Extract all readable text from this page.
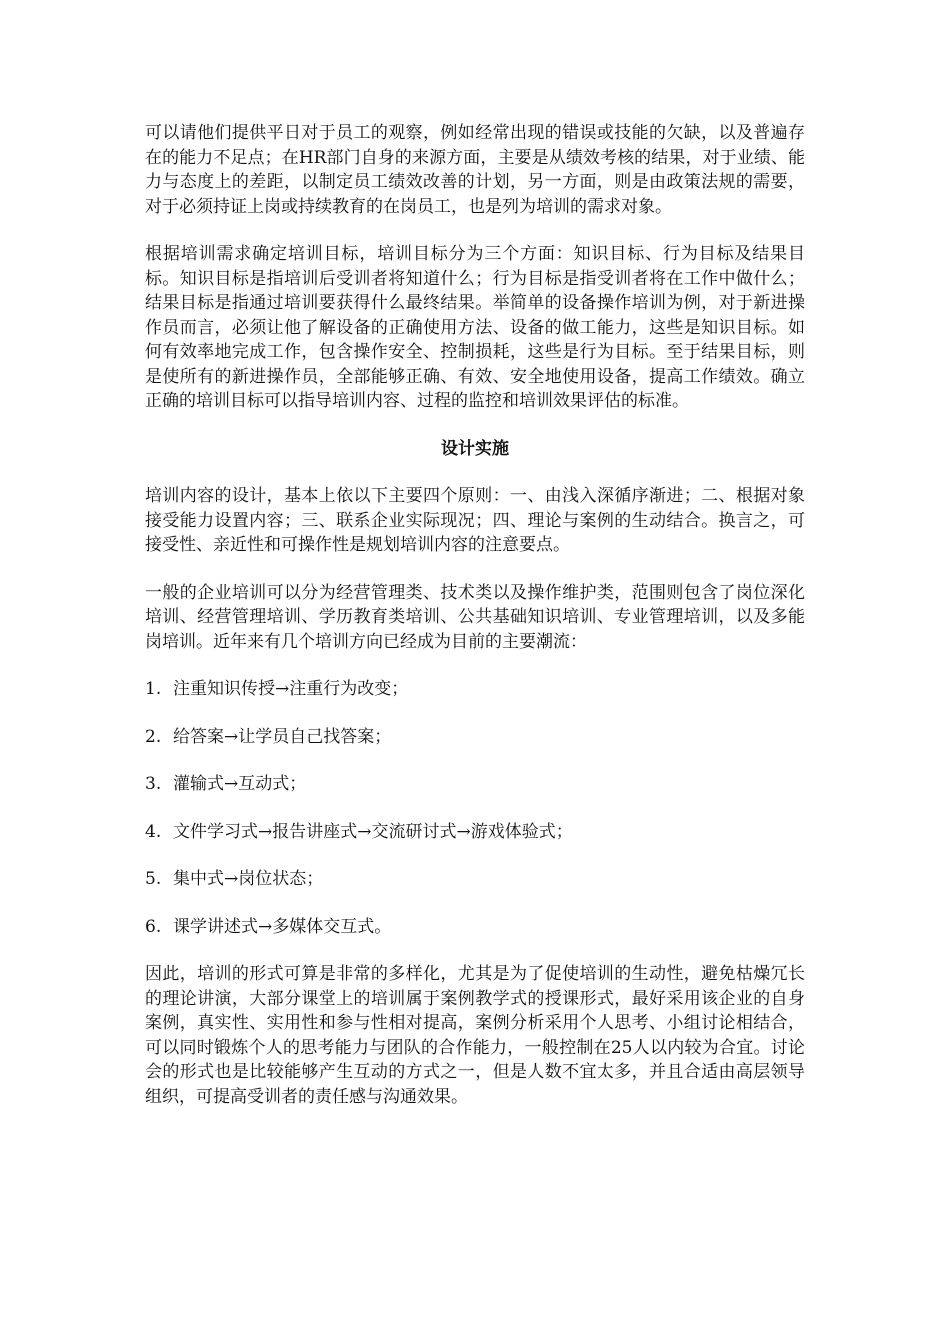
可以请他们提供平日对于员工的观察，例如经常出现的错误或技能的欠缺，以及普遍存在的能力不足点；在HR部门自身的来源方面，主要是从绩效考核的结果，对于业绩、能力与态度上的差距，以制定员工绩效改善的计划，另一方面，则是由政策法规的需要，对于必须持证上岗或持续教育的在岗员工，也是列为培训的需求对象。

根据培训需求确定培训目标，培训目标分为三个方面：知识目标、行为目标及结果目标。知识目标是指培训后受训者将知道什么；行为目标是指受训者将在工作中做什么；结果目标是指通过培训要获得什么最终结果。举简单的设备操作培训为例，对于新进操作员而言，必须让他了解设备的正确使用方法、设备的做工能力，这些是知识目标。如何有效率地完成工作，包含操作安全、控制损耗，这些是行为目标。至于结果目标，则是使所有的新进操作员，全部能够正确、有效、安全地使用设备，提高工作绩效。确立正确的培训目标可以指导培训内容、过程的监控和培训效果评估的标准。

设计实施

培训内容的设计，基本上依以下主要四个原则：一、由浅入深循序渐进；二、根据对象接受能力设置内容；三、联系企业实际现况；四、理论与案例的生动结合。换言之，可接受性、亲近性和可操作性是规划培训内容的注意要点。

一般的企业培训可以分为经营管理类、技术类以及操作维护类，范围则包含了岗位深化培训、经营管理培训、学历教育类培训、公共基础知识培训、专业管理培训，以及多能岗培训。近年来有几个培训方向已经成为目前的主要潮流：

1. 注重知识传授→注重行为改变；

2. 给答案→让学员自己找答案；

3. 灌输式→互动式；

4. 文件学习式→报告讲座式→交流研讨式→游戏体验式；

5. 集中式→岗位状态；

6. 课学讲述式→多媒体交互式。

因此，培训的形式可算是非常的多样化，尤其是为了促使培训的生动性，避免枯燥冗长的理论讲演，大部分课堂上的培训属于案例教学式的授课形式，最好采用该企业的自身案例，真实性、实用性和参与性相对提高，案例分析采用个人思考、小组讨论相结合，可以同时锻炼个人的思考能力与团队的合作能力，一般控制在25人以内较为合宜。讨论会的形式也是比较能够产生互动的方式之一，但是人数不宜太多，并且合适由高层领导组织，可提高受训者的责任感与沟通效果。
